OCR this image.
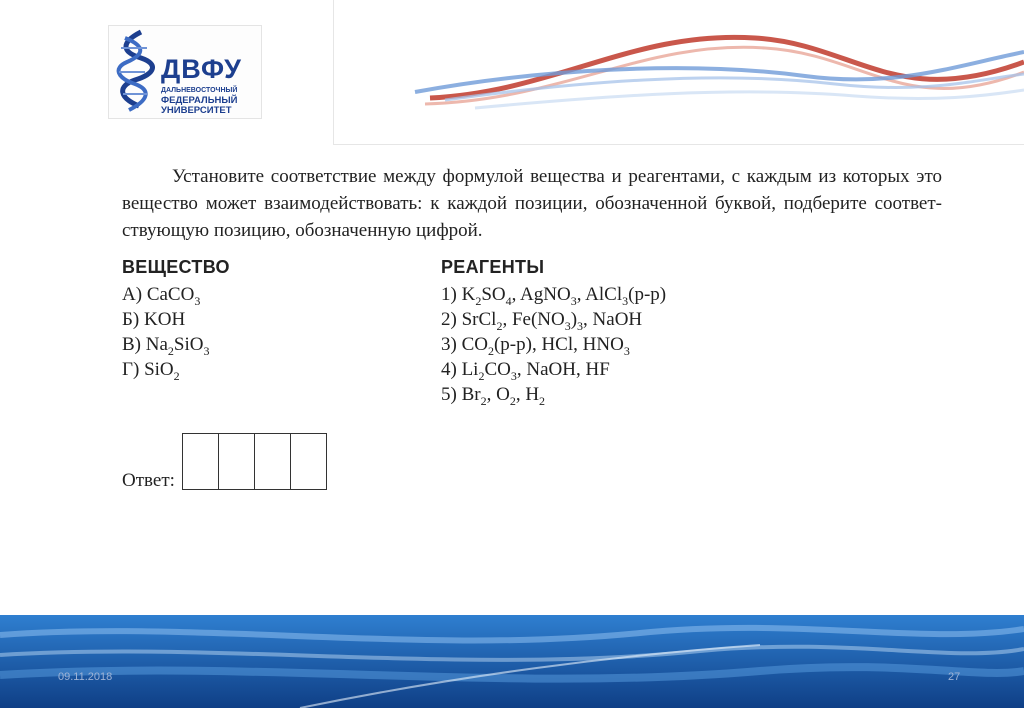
ДВФУ
ДАЛЬНЕВОСТОЧНЫЙ
ФЕДЕРАЛЬНЫЙ
УНИВЕРСИТЕТ
Установите соответствие между формулой вещества и реагентами, с каждым из которых это вещество может взаимодействовать: к каждой позиции, обозначенной буквой, подберите соответствующую позицию, обозначенную цифрой.
ВЕЩЕСТВО
А) CaCO$_3$
Б) KOH
В) $Na_2SiO_3$
Г) SiO$_2$
РЕАГЕНТЫ
1) $K_2SO_4$, AgNO$_3$, AlCl$_3$(р-р)
2) SrCl$_2$, $Fe(NO_3)_3$, NaOH
3) $CO_2(р-р)$, HCl, $HNO_3$
4) $Li_2CO_3$, NaOH, HF
5) $Br_2$, $O_2$, $H_2$
Ответ:
09.11.2018	27
